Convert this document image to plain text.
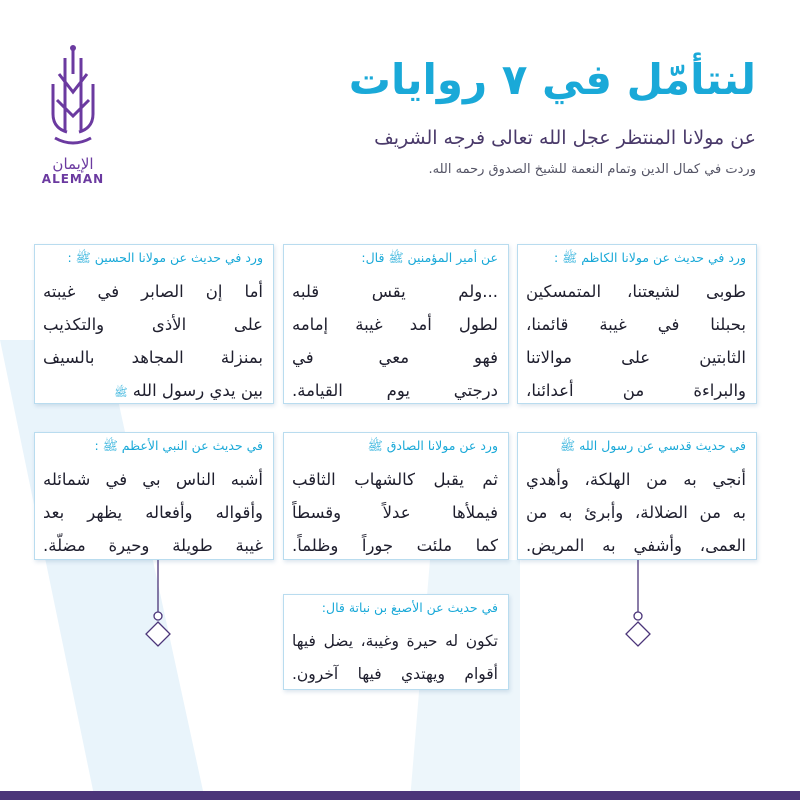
الإيمان
ALEMAN
لنتأمّل في ٧ روايات
عن مولانا المنتظر عجل الله تعالى فرجه الشريف
وردت في كمال الدين وتمام النعمة للشيخ الصدوق رحمه الله.
ورد في حديث عن مولانا الكاظم ﷺ :
طوبى لشيعتنا، المتمسكين
بحبلنا في غيبة قائمنا،
الثابتين على موالاتنا
والبراءة من أعدائنا،
عن أمير المؤمنين ﷺ قال:
...ولم يقس قلبه
لطول أمد غيبة إمامه
فهو معي في
درجتي يوم القيامة.
ورد في حديث عن مولانا الحسين ﷺ :
أما إن الصابر في غيبته
على الأذى والتكذيب
بمنزلة المجاهد بالسيف
بين يدي رسول الله ﷺ
في حديث قدسي عن رسول الله ﷺ
أنجي به من الهلكة، وأهدي
به من الضلالة، وأبرئ به من
العمى، وأشفي به المريض.
ورد عن مولانا الصادق ﷺ
ثم يقبل كالشهاب الثاقب
فيملأها عدلاً وقسطاً
كما ملئت جوراً وظلماً.
في حديث عن النبي الأعظم ﷺ :
أشبه الناس بي في شمائله
وأقواله وأفعاله يظهر بعد
غيبة طويلة وحيرة مضلّة.
في حديث عن الأصبغ بن نباتة قال:
تكون له حيرة وغيبة، يضل فيها
أقوام ويهتدي فيها آخرون.
